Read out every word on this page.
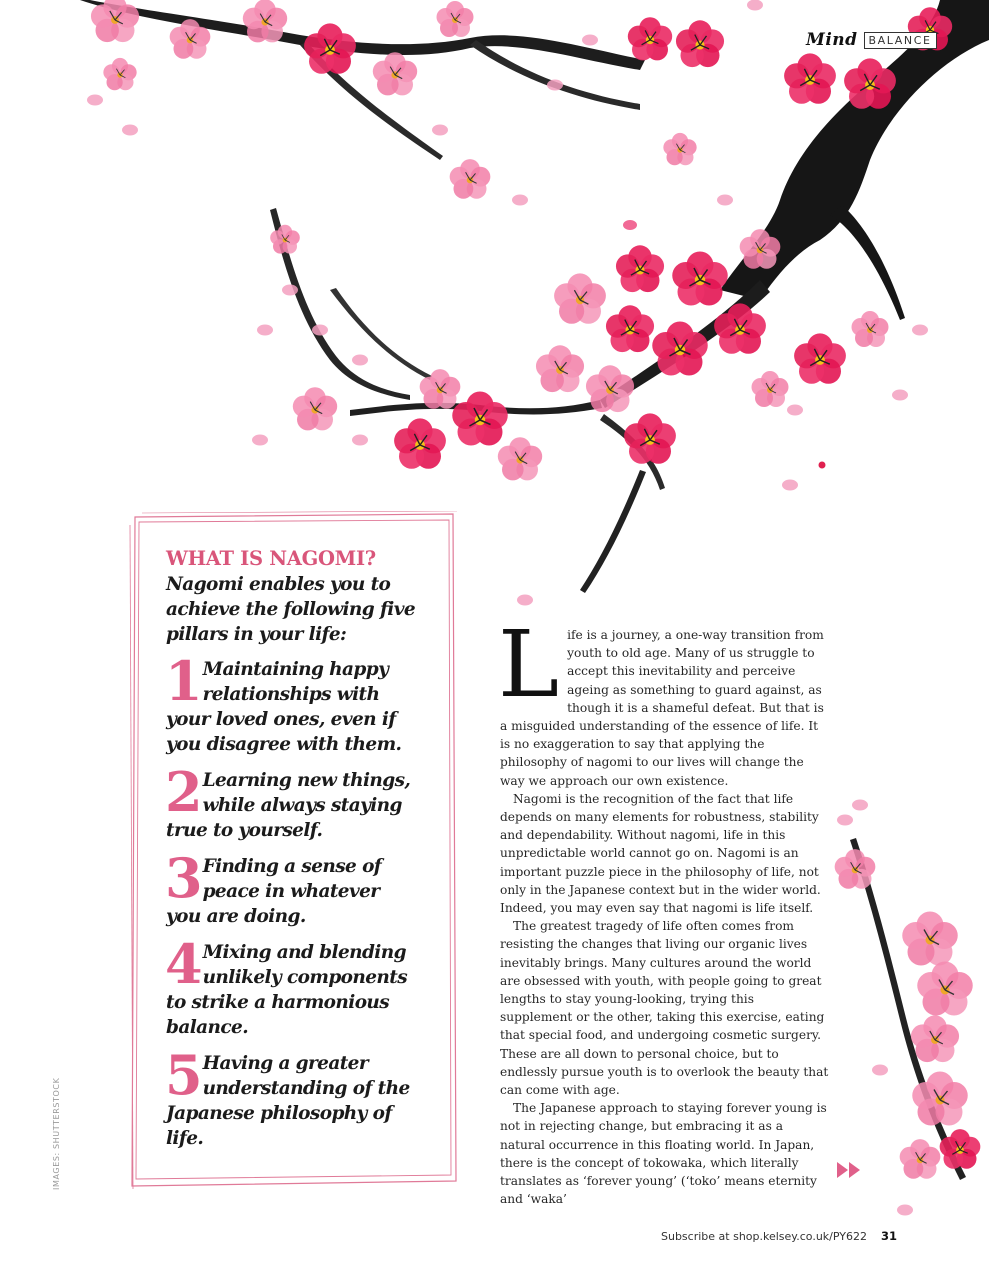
Mind	BALANCE
IMAGES: SHUTTERSTOCK
WHAT IS NAGOMI?
Nagomi enables you to achieve the following five pillars in your life:
1 Maintaining happy relationships with your loved ones, even if you disagree with them.
2 Learning new things, while always staying true to yourself.
3 Finding a sense of peace in whatever you are doing.
4 Mixing and blending unlikely components to strike a harmonious balance.
5 Having a greater understanding of the Japanese philosophy of life.

Life is a journey, a one-way transition from youth to old age. Many of us struggle to accept this inevitability and perceive ageing as something to guard against, as though it is a shameful defeat. But that is a misguided understanding of the essence of life. It is no exaggeration to say that applying the philosophy of nagomi to our lives will change the way we approach our own existence.

Nagomi is the recognition of the fact that life depends on many elements for robustness, stability and dependability. Without nagomi, life in this unpredictable world cannot go on. Nagomi is an important puzzle piece in the philosophy of life, not only in the Japanese context but in the wider world. Indeed, you may even say that nagomi is life itself.

The greatest tragedy of life often comes from resisting the changes that living our organic lives inevitably brings. Many cultures around the world are obsessed with youth, with people going to great lengths to stay young-looking, trying this supplement or the other, taking this exercise, eating that special food, and undergoing cosmetic surgery. These are all down to personal choice, but to endlessly pursue youth is to overlook the beauty that can come with age.

The Japanese approach to staying forever young is not in rejecting change, but embracing it as a natural occurrence in this floating world. In Japan, there is the concept of tokowaka, which literally translates as ‘forever young’ (‘toko’ means eternity and ‘waka’

Subscribe at shop.kelsey.co.uk/PY622 31
